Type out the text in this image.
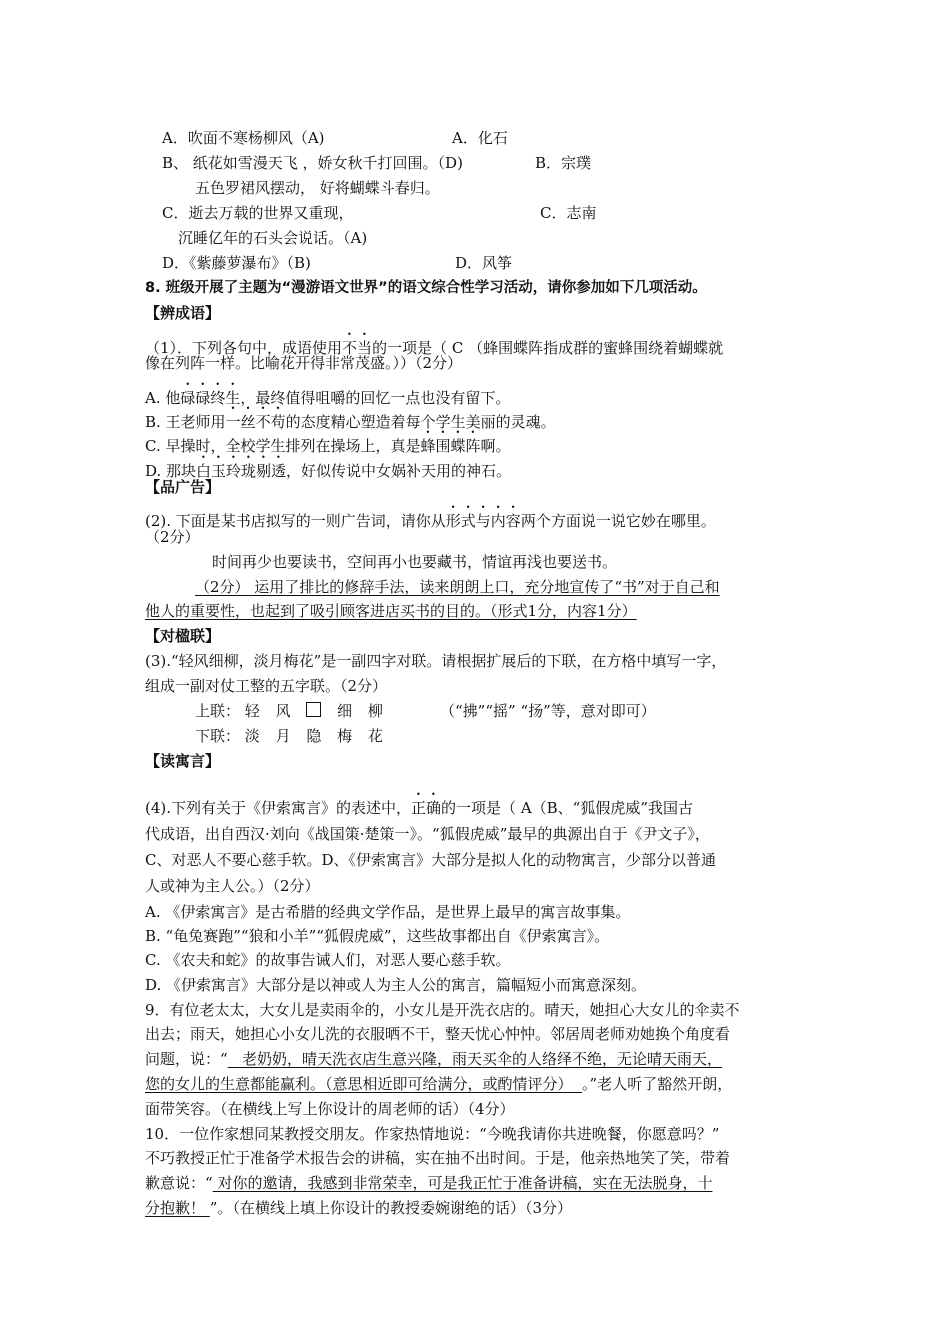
A．吹面不寒杨柳风（A)	A．化石
B、 纸花如雪漫天飞 ，娇女秋千打回围。（D)	B．宗璞
五色罗裙风摆动， 好将蝴蝶斗春归。
C．逝去万载的世界又重现，	C．志南
沉睡亿年的石头会说话。（A)
D．《紫藤萝瀑布》（B)	D．风筝
8. 班级开展了主题为“漫游语文世界”的语文综合性学习活动，请你参加如下几项活动。
【辨成语】
（1）．下列各句中，成语使用不当的一项是（ C （蜂围蝶阵指成群的蜜蜂围绕着蝴蝶就
像在列阵一样。比喻花开得非常茂盛。））（2分）
A. 他碌碌终生，最终值得咀嚼的回忆一点也没有留下。
B. 王老师用一丝不苟的态度精心塑造着每个学生美丽的灵魂。
C. 早操时，全校学生排列在操场上，真是蜂围蝶阵啊。
D. 那块白玉玲珑剔透，好似传说中女娲补天用的神石。
【品广告】
(2). 下面是某书店拟写的一则广告词，请你从形式与内容两个方面说一说它妙在哪里。
（2分）
时间再少也要读书，空间再小也要藏书，情谊再浅也要送书。
（2分） 运用了排比的修辞手法，读来朗朗上口，充分地宣传了“书”对于自己和
他人的重要性，也起到了吸引顾客进店买书的目的。（形式1分，内容1分）
【对楹联】
(3).“轻风细柳，淡月梅花”是一副四字对联。请根据扩展后的下联，在方格中填写一字，
组成一副对仗工整的五字联。（2分）
上联： 轻 风	细 柳	（“拂”“摇” “扬”等，意对即可）
下联： 淡 月 隐 梅 花
【读寓言】
(4).下列有关于《伊索寓言》的表述中，正确的一项是（ A（B、“狐假虎威”我国古
代成语，出自西汉·刘向《战国策·楚策一》。“狐假虎威”最早的典源出自于《尹文子》，
C、对恶人不要心慈手软。D、《伊索寓言》大部分是拟人化的动物寓言，少部分以普通
人或神为主人公。）（2分）
A. 《伊索寓言》是古希腊的经典文学作品，是世界上最早的寓言故事集。
B. “龟兔赛跑”“狼和小羊”“狐假虎威”，这些故事都出自《伊索寓言》。
C. 《农夫和蛇》的故事告诫人们，对恶人要心慈手软。
D. 《伊索寓言》大部分是以神或人为主人公的寓言，篇幅短小而寓意深刻。
9．有位老太太，大女儿是卖雨伞的，小女儿是开洗衣店的。晴天，她担心大女儿的伞卖不
出去；雨天，她担心小女儿洗的衣服晒不干，整天忧心忡忡。邻居周老师劝她换个角度看
问题，说：“   老奶奶，晴天洗衣店生意兴隆，雨天买伞的人络绎不绝，无论晴天雨天，
您的女儿的生意都能赢利。（意思相近即可给满分，或酌情评分）  。”老人听了豁然开朗，
面带笑容。（在横线上写上你设计的周老师的话）（4分）
10．一位作家想同某教授交朋友。作家热情地说：“今晚我请你共进晚餐，你愿意吗？”
不巧教授正忙于准备学术报告会的讲稿，实在抽不出时间。于是，他亲热地笑了笑，带着
歉意说：“ 对你的邀请，我感到非常荣幸，可是我正忙于准备讲稿，实在无法脱身，十
分抱歉！ ”。（在横线上填上你设计的教授委婉谢绝的话）（3分）
